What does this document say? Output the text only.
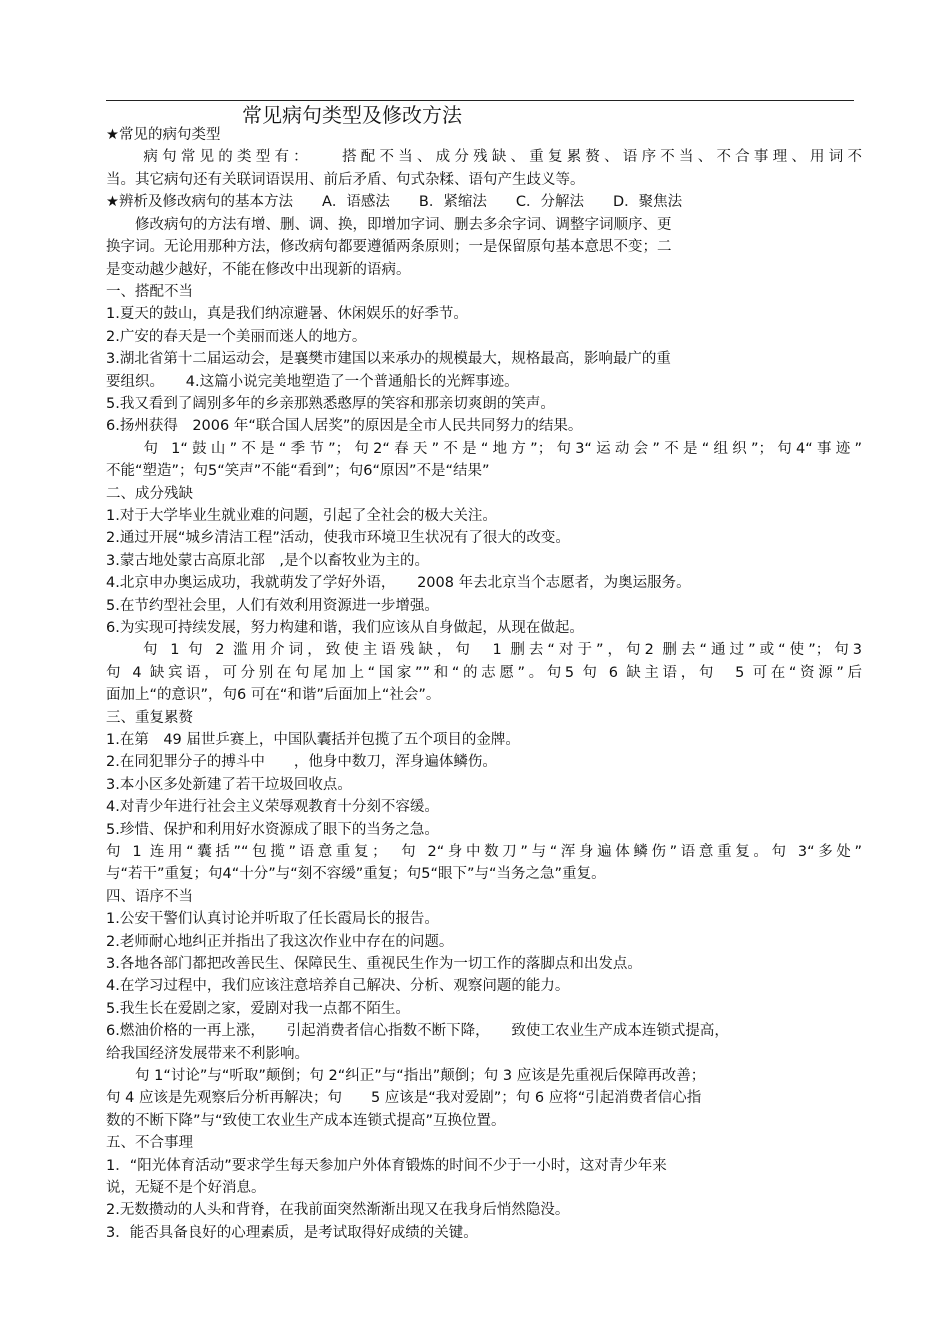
常见病句类型及修改方法
★常见的病句类型
　　病句常见的类型有：　　搭配不当、成分残缺、重复累赘、语序不当、不合事理、用词不
当。其它病句还有关联词语误用、前后矛盾、句式杂糅、语句产生歧义等。
★辨析及修改病句的基本方法　　A．语感法　　B．紧缩法　　C．分解法　　D．聚焦法
　　修改病句的方法有增、删、调、换，即增加字词、删去多余字词、调整字词顺序、更
换字词。无论用那种方法，修改病句都要遵循两条原则；一是保留原句基本意思不变；二
是变动越少越好，不能在修改中出现新的语病。
一、搭配不当
1.夏天的鼓山，真是我们纳凉避暑、休闲娱乐的好季节。
2.广安的春天是一个美丽而迷人的地方。
3.湖北省第十二届运动会，是襄樊市建国以来承办的规模最大，规格最高，影响最广的重
要组织。　　4.这篇小说完美地塑造了一个普通船长的光辉事迹。
5.我又看到了阔别多年的乡亲那熟悉憨厚的笑容和那亲切爽朗的笑声。
6.扬州获得　2006 年“联合国人居奖”的原因是全市人民共同努力的结果。
　　句 1“鼓山”不是“季节”；句2“春天”不是“地方”；句3“运动会”不是“组织”；句4“事迹”
不能“塑造”；句5“笑声”不能“看到”；句6“原因”不是“结果”
二、成分残缺
1.对于大学毕业生就业难的问题，引起了全社会的极大关注。
2.通过开展“城乡清洁工程”活动，使我市环境卫生状况有了很大的改变。
3.蒙古地处蒙古高原北部　,是个以畜牧业为主的。
4.北京申办奥运成功，我就萌发了学好外语，　　2008 年去北京当个志愿者，为奥运服务。
5.在节约型社会里，人们有效利用资源进一步增强。
6.为实现可持续发展，努力构建和谐，我们应该从自身做起，从现在做起。
　　句 1 句 2 滥用介词，致使主语残缺，句　1 删去“对于”，句2 删去“通过”或“使”；句3
句 4 缺宾语，可分别在句尾加上“国家””和“的志愿”。句5 句 6 缺主语，句　5 可在“资源”后
面加上“的意识”，句6 可在“和谐”后面加上“社会”。
三、重复累赘
1.在第　49 届世乒赛上，中国队囊括并包揽了五个项目的金牌。
2.在同犯罪分子的搏斗中　　，他身中数刀，浑身遍体鳞伤。
3.本小区多处新建了若干垃圾回收点。
4.对青少年进行社会主义荣辱观教育十分刻不容缓。
5.珍惜、保护和利用好水资源成了眼下的当务之急。
句 1 连用“囊括”“包揽”语意重复；　句 2“身中数刀”与“浑身遍体鳞伤”语意重复。句 3“多处”
与“若干”重复；句4“十分”与“刻不容缓”重复；句5“眼下”与“当务之急”重复。
四、语序不当
1.公安干警们认真讨论并听取了任长霞局长的报告。
2.老师耐心地纠正并指出了我这次作业中存在的问题。
3.各地各部门都把改善民生、保障民生、重视民生作为一切工作的落脚点和出发点。
4.在学习过程中，我们应该注意培养自己解决、分析、观察问题的能力。
5.我生长在爱剧之家，爱剧对我一点都不陌生。
6.燃油价格的一再上涨，　　引起消费者信心指数不断下降，　　致使工农业生产成本连锁式提高，
给我国经济发展带来不利影响。
　　句 1“讨论”与“听取”颠倒；句 2“纠正”与“指出”颠倒；句 3 应该是先重视后保障再改善；
句 4 应该是先观察后分析再解决；句　　5 应该是“我对爱剧”；句 6 应将“引起消费者信心指
数的不断下降”与“致使工农业生产成本连锁式提高”互换位置。
五、不合事理
1．“阳光体育活动”要求学生每天参加户外体育锻炼的时间不少于一小时，这对青少年来
说，无疑不是个好消息。
2.无数攒动的人头和背脊，在我前面突然渐渐出现又在我身后悄然隐没。
3．能否具备良好的心理素质，是考试取得好成绩的关键。
